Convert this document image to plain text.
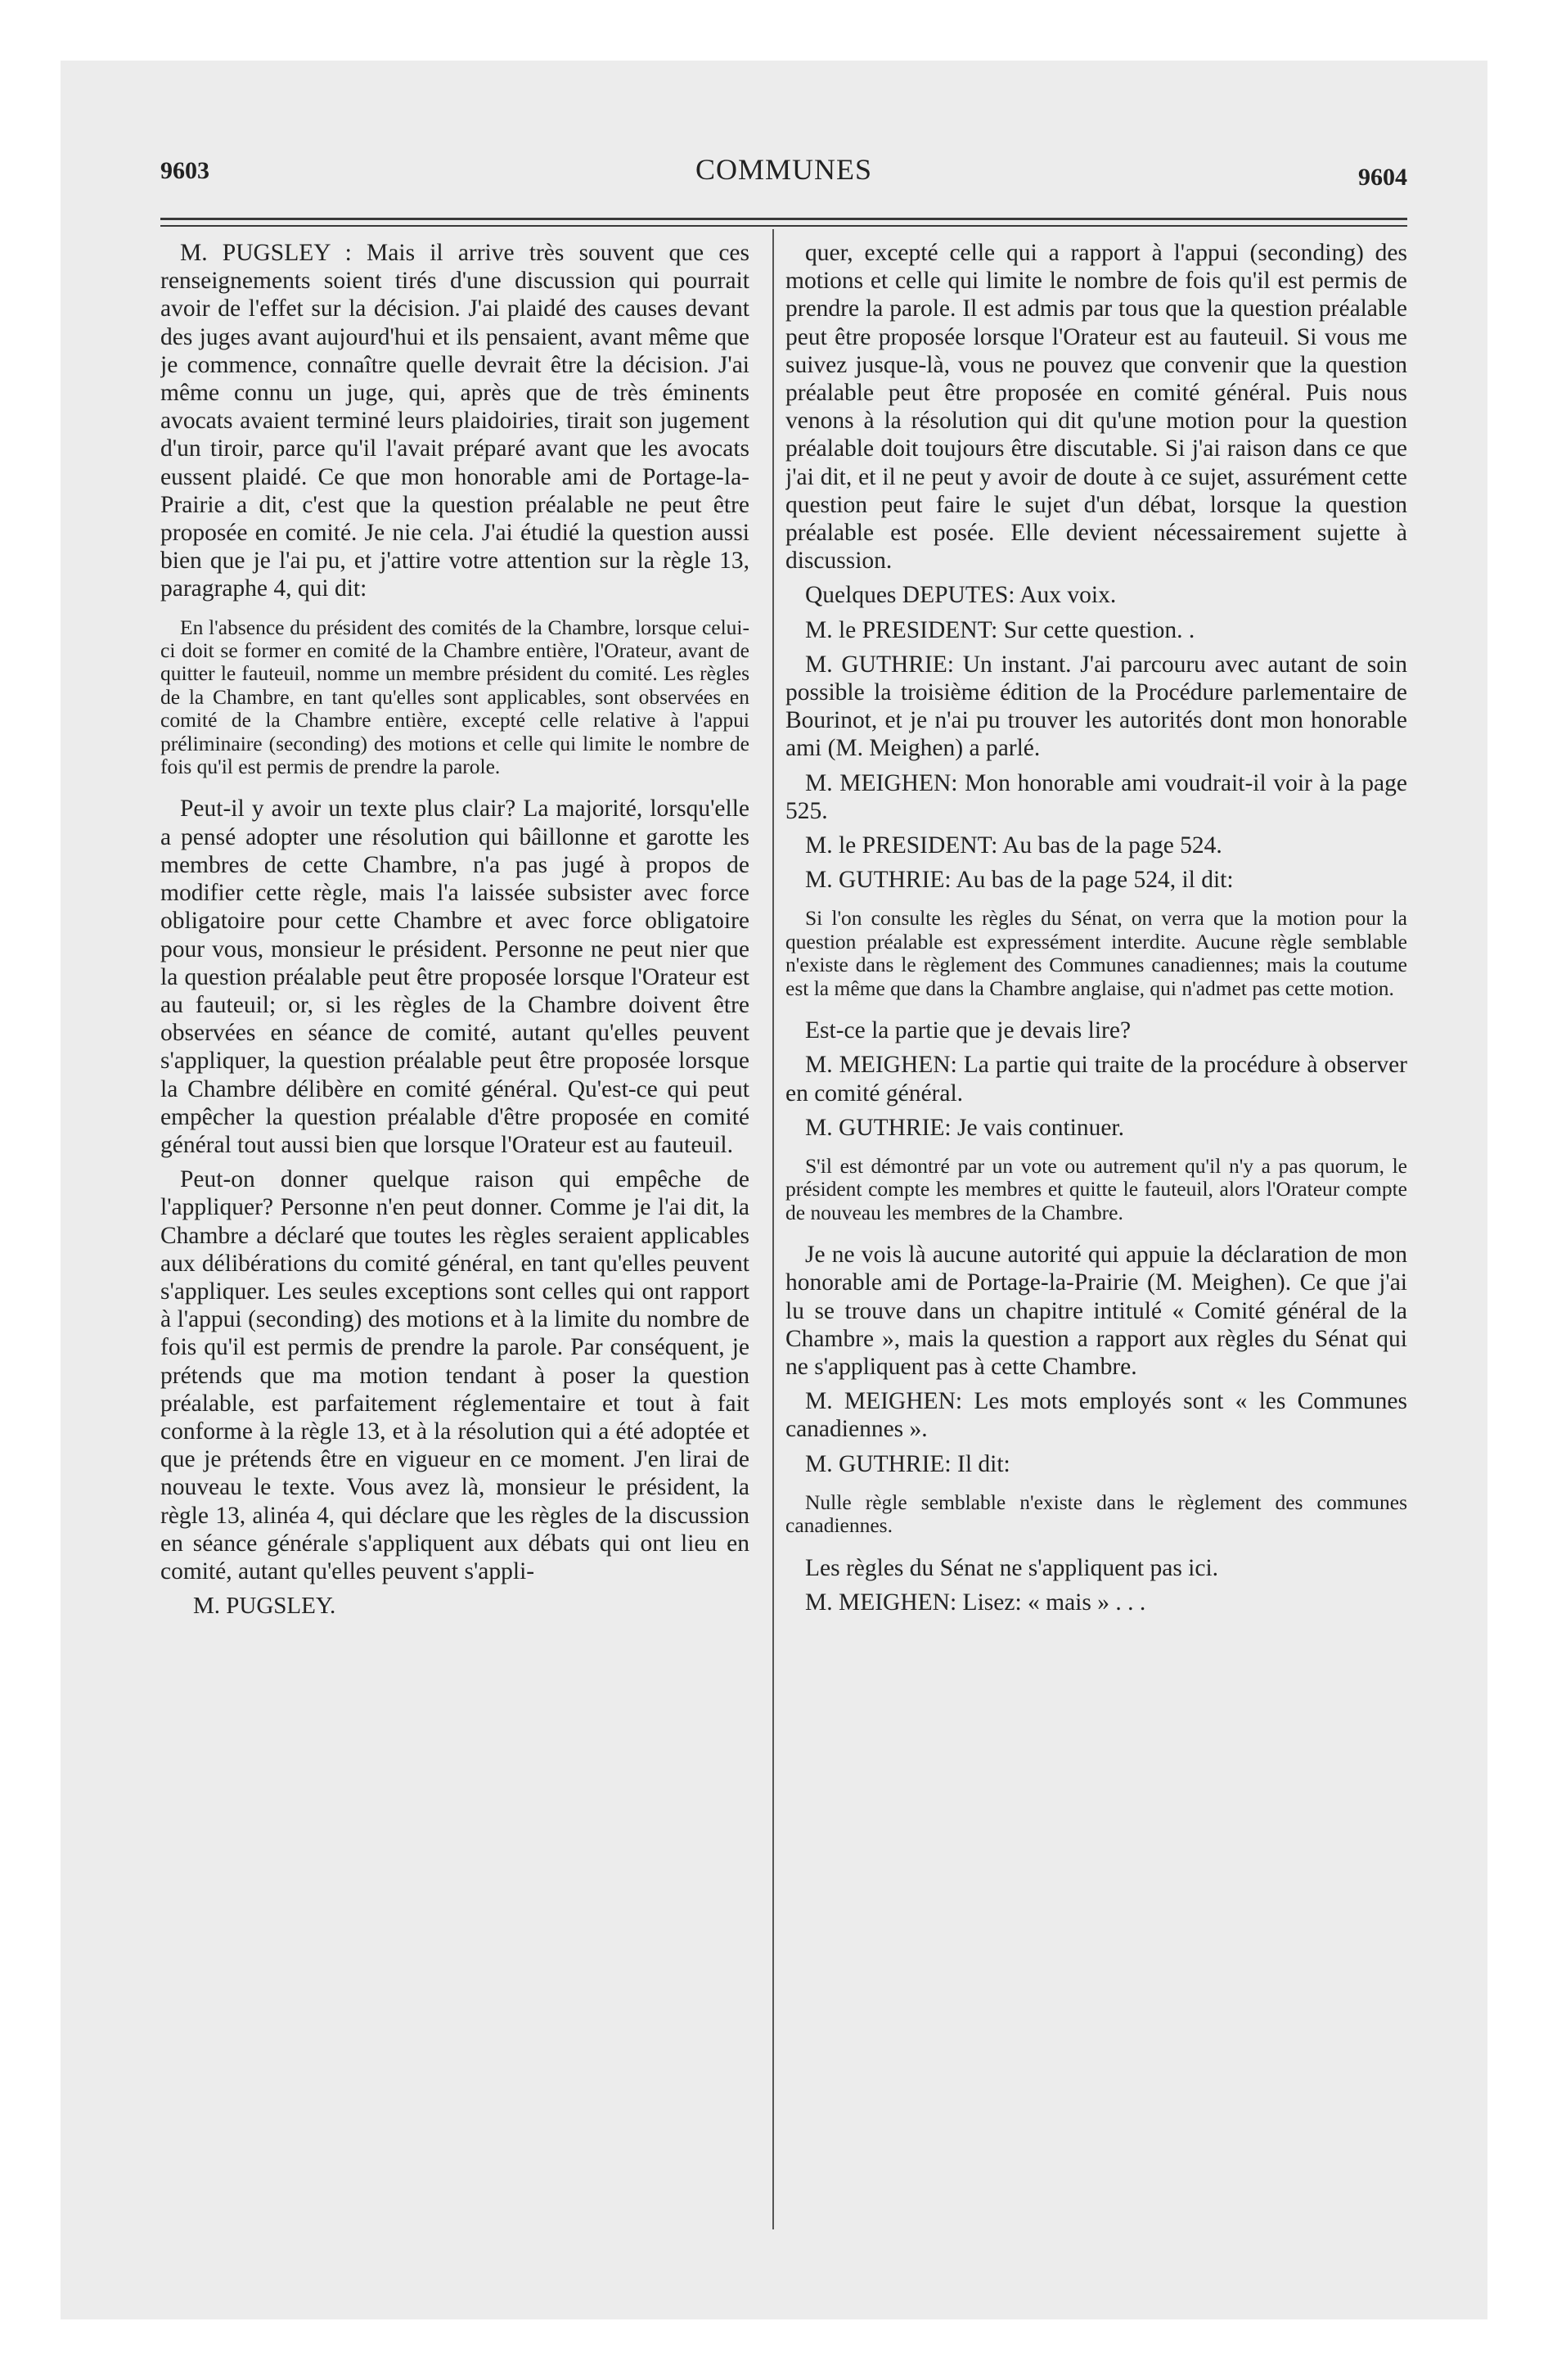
9603	COMMUNES	9604

M. PUGSLEY : Mais il arrive très souvent que ces renseignements soient tirés d'une discussion qui pourrait avoir de l'effet sur la décision. J'ai plaidé des causes devant des juges avant aujourd'hui et ils pensaient, avant même que je commence, connaître quelle devrait être la décision. J'ai même connu un juge, qui, après que de très éminents avocats avaient terminé leurs plaidoiries, tirait son jugement d'un tiroir, parce qu'il l'avait préparé avant que les avocats eussent plaidé. Ce que mon honorable ami de Portage-la-Prairie a dit, c'est que la question préalable ne peut être proposée en comité. Je nie cela. J'ai étudié la question aussi bien que je l'ai pu, et j'attire votre attention sur la règle 13, paragraphe 4, qui dit:

En l'absence du président des comités de la Chambre, lorsque celui-ci doit se former en comité de la Chambre entière, l'Orateur, avant de quitter le fauteuil, nomme un membre président du comité. Les règles de la Chambre, en tant qu'elles sont applicables, sont observées en comité de la Chambre entière, excepté celle relative à l'appui préliminaire (seconding) des motions et celle qui limite le nombre de fois qu'il est permis de prendre la parole.

Peut-il y avoir un texte plus clair? La majorité, lorsqu'elle a pensé adopter une résolution qui bâillonne et garotte les membres de cette Chambre, n'a pas jugé à propos de modifier cette règle, mais l'a laissée subsister avec force obligatoire pour cette Chambre et avec force obligatoire pour vous, monsieur le président. Personne ne peut nier que la question préalable peut être proposée lorsque l'Orateur est au fauteuil; or, si les règles de la Chambre doivent être observées en séance de comité, autant qu'elles peuvent s'appliquer, la question préalable peut être proposée lorsque la Chambre délibère en comité général. Qu'est-ce qui peut empêcher la question préalable d'être proposée en comité général tout aussi bien que lorsque l'Orateur est au fauteuil.

Peut-on donner quelque raison qui empêche de l'appliquer? Personne n'en peut donner. Comme je l'ai dit, la Chambre a déclaré que toutes les règles seraient applicables aux délibérations du comité général, en tant qu'elles peuvent s'appliquer. Les seules exceptions sont celles qui ont rapport à l'appui (seconding) des motions et à la limite du nombre de fois qu'il est permis de prendre la parole. Par conséquent, je prétends que ma motion tendant à poser la question préalable, est parfaitement réglementaire et tout à fait conforme à la règle 13, et à la résolution qui a été adoptée et que je prétends être en vigueur en ce moment. J'en lirai de nouveau le texte. Vous avez là, monsieur le président, la règle 13, alinéa 4, qui déclare que les règles de la discussion en séance générale s'appliquent aux débats qui ont lieu en comité, autant qu'elles peuvent s'appli-

M. PUGSLEY.

quer, excepté celle qui a rapport à l'appui (seconding) des motions et celle qui limite le nombre de fois qu'il est permis de prendre la parole. Il est admis par tous que la question préalable peut être proposée lorsque l'Orateur est au fauteuil. Si vous me suivez jusque-là, vous ne pouvez que convenir que la question préalable peut être proposée en comité général. Puis nous venons à la résolution qui dit qu'une motion pour la question préalable doit toujours être discutable. Si j'ai raison dans ce que j'ai dit, et il ne peut y avoir de doute à ce sujet, assurément cette question peut faire le sujet d'un débat, lorsque la question préalable est posée. Elle devient nécessairement sujette à discussion.

Quelques DEPUTES: Aux voix.

M. le PRESIDENT: Sur cette question. .

M. GUTHRIE: Un instant. J'ai parcouru avec autant de soin possible la troisième édition de la Procédure parlementaire de Bourinot, et je n'ai pu trouver les autorités dont mon honorable ami (M. Meighen) a parlé.

M. MEIGHEN: Mon honorable ami voudrait-il voir à la page 525.

M. le PRESIDENT: Au bas de la page 524.

M. GUTHRIE: Au bas de la page 524, il dit:

Si l'on consulte les règles du Sénat, on verra que la motion pour la question préalable est expressément interdite. Aucune règle semblable n'existe dans le règlement des Communes canadiennes; mais la coutume est la même que dans la Chambre anglaise, qui n'admet pas cette motion.

Est-ce la partie que je devais lire?

M. MEIGHEN: La partie qui traite de la procédure à observer en comité général.

M. GUTHRIE: Je vais continuer.

S'il est démontré par un vote ou autrement qu'il n'y a pas quorum, le président compte les membres et quitte le fauteuil, alors l'Orateur compte de nouveau les membres de la Chambre.

Je ne vois là aucune autorité qui appuie la déclaration de mon honorable ami de Portage-la-Prairie (M. Meighen). Ce que j'ai lu se trouve dans un chapitre intitulé « Comité général de la Chambre », mais la question a rapport aux règles du Sénat qui ne s'appliquent pas à cette Chambre.

M. MEIGHEN: Les mots employés sont « les Communes canadiennes ».

M. GUTHRIE: Il dit:

Nulle règle semblable n'existe dans le règlement des communes canadiennes.

Les règles du Sénat ne s'appliquent pas ici.

M. MEIGHEN: Lisez: « mais » . . .
